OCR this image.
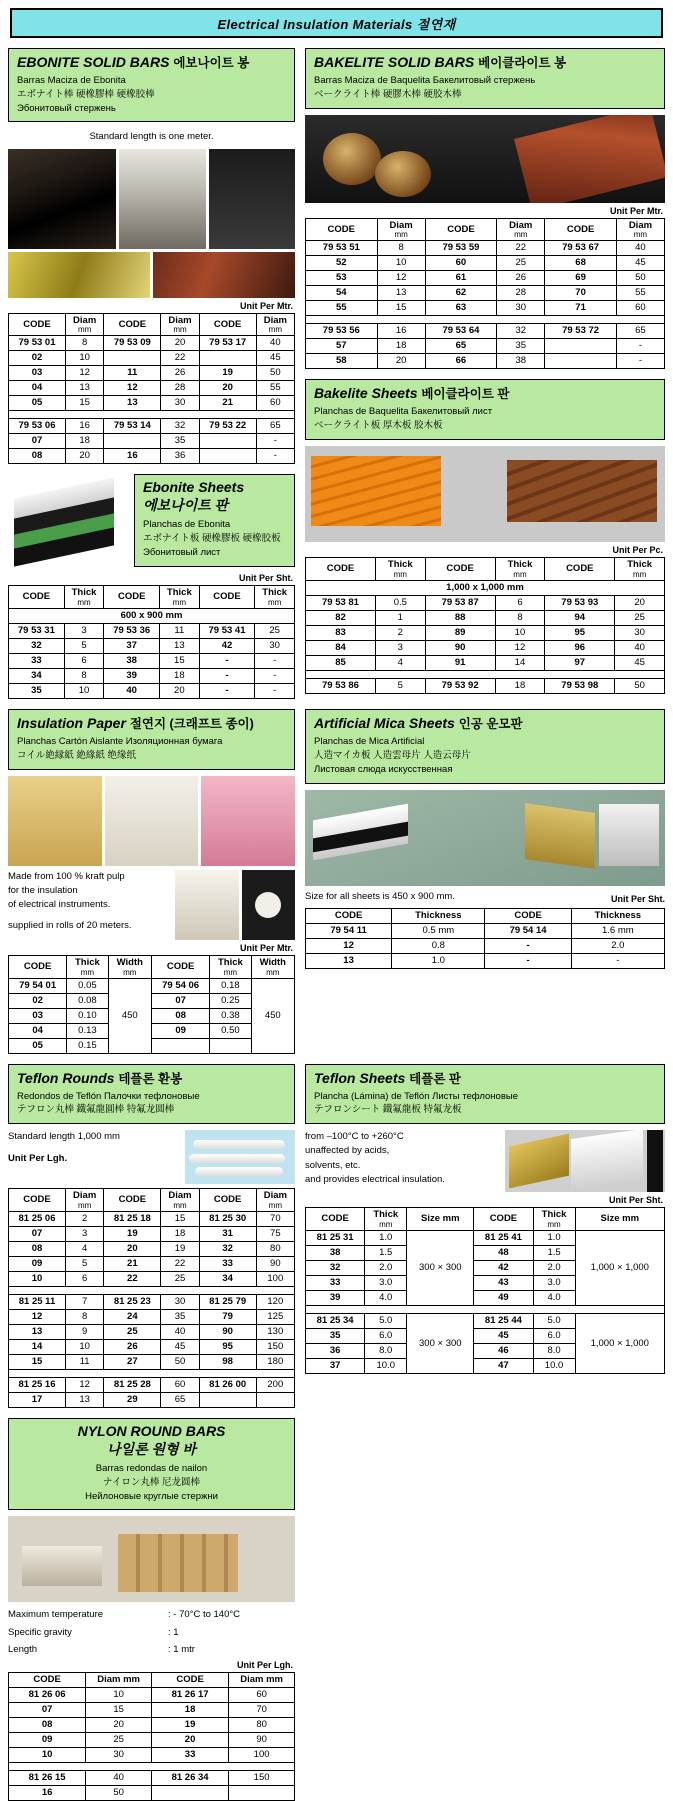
Electrical Insulation Materials 절연재
EBONITE SOLID BARS 에보나이트 봉
Barras Maciza de Ebonita
エボナイト棒 硬橡膠棒 硬橡胶棒
Эбонитовый стержень
Standard length is one meter.
Unit Per Mtr.
CODE	Diam
mm	CODE	Diam
mm	CODE	Diam
mm

79 53 01	8	79 53 09	20	79 53 17	40
02	10		22		45
03	12	11	26	19	50
04	13	12	28	20	55
05	15	13	30	21	60

79 53 06	16	79 53 14	32	79 53 22	65
07	18		35		-
08	20	16	36		-
Ebonite Sheets
에보나이트 판
Planchas de Ebonita
エボナイト板 硬橡膠板 硬橡胶板
Эбонитовый лист
Unit Per Sht.
CODE	Thick
mm	CODE	Thick
mm	CODE	Thick
mm

600 x 900 mm					
79 53 31	3	79 53 36	11	79 53 41	25
32	5	37	13	42	30
33	6	38	15	-	-
34	8	39	18	-	-
35	10	40	20	-	-
BAKELITE SOLID BARS 베이클라이트 봉
Barras Maciza de Baquelita Бакелитовый стержень
ベークライト棒 硬膠木棒 硬胶木棒
Unit Per Mtr.
CODE	Diam
mm	CODE	Diam
mm	CODE	Diam
mm

79 53 51	8	79 53 59	22	79 53 67	40
52	10	60	25	68	45
53	12	61	26	69	50
54	13	62	28	70	55
55	15	63	30	71	60

79 53 56	16	79 53 64	32	79 53 72	65
57	18	65	35		-
58	20	66	38		-
Bakelite Sheets 베이클라이트 판
Planchas de Baquelita Бакелитовый лист
ベークライト板 厚木板 胶木板
Unit Per Pc.
CODE	Thick
mm	CODE	Thick
mm	CODE	Thick
mm

1,000 x 1,000 mm					
79 53 81	0.5	79 53 87	6	79 53 93	20
82	1	88	8	94	25
83	2	89	10	95	30
84	3	90	12	96	40
85	4	91	14	97	45

79 53 86	5	79 53 92	18	79 53 98	50
Insulation Paper 절연지 (크래프트 종이)
Planchas Cartón Aislante Изоляционная бумага
コイル絶縁紙 絶緣紙 绝缘纸
Made from 100 % kraft pulp
for the insulation
of electrical instruments.
supplied in rolls of 20 meters.
Unit Per Mtr.
CODE	Thick
mm	Width
mm	CODE	Thick
mm	Width
mm

79 54 01	0.05	450	79 54 06	0.18	450
02	0.08		07	0.25	
03	0.10		08	0.38	
04	0.13		09	0.50	
05	0.15				
Artificial Mica Sheets 인공 운모판
Planchas de Mica Artificial
人造マイカ板 人造雲母片 人造云母片
Листовая слюда искусственная
Size for all sheets is 450 x 900 mm.	Unit Per Sht.
CODE	Thickness	CODE	Thickness
79 54 11	0.5 mm	79 54 14	1.6 mm
12	0.8	-	2.0
13	1.0	-	-
Teflon Rounds 테플론 환봉
Redondos de Teflón Палочки тефлоновые
テフロン丸棒 鐵氟龍圓棒 特氟龙圆棒
Standard length 1,000 mm
Unit Per Lgh.
CODE	Diam
mm	CODE	Diam
mm	CODE	Diam
mm

81 25 06	2	81 25 18	15	81 25 30	70
07	3	19	18	31	75
08	4	20	19	32	80
09	5	21	22	33	90
10	6	22	25	34	100

81 25 11	7	81 25 23	30	81 25 79	120
12	8	24	35	79	125
13	9	25	40	90	130
14	10	26	45	95	150
15	11	27	50	98	180

81 25 16	12	81 25 28	60	81 26 00	200
17	13	29	65		
Teflon Sheets 테플론 판
Plancha (Lámina) de Teflón Листы тефлоновые
テフロンシート 鐵氟龍板 特氟龙板
from –100°C to +260°C
unaffected by acids,
solvents, etc.
and provides electrical insulation.
Unit Per Sht.
CODE	Thick
mm	Size mm	CODE	Thick
mm	Size mm
81 25 31	1.0	300 × 300	81 25 41	1.0	1,000 × 1,000
38	1.5		48	1.5	
32	2.0		42	2.0	
33	3.0		43	3.0	
39	4.0		49	4.0	

81 25 34	5.0	300 × 300	81 25 44	5.0	1,000 × 1,000
35	6.0		45	6.0	
36	8.0		46	8.0	
37	10.0		47	10.0	
NYLON ROUND BARS
나일론 원형 바
Barras redondas de nailon
ナイロン丸棒 尼龙圆棒
Нейлоновые круглые стержни
Maximum temperature	: - 70°C to 140°C
Specific gravity	: 1
Length	: 1 mtr
Unit Per Lgh.
CODE	Diam mm	CODE	Diam mm
81 26 06	10	81 26 17	60
07	15	18	70
08	20	19	80
09	25	20	90
10	30	33	100

81 26 15	40	81 26 34	150
16	50		
